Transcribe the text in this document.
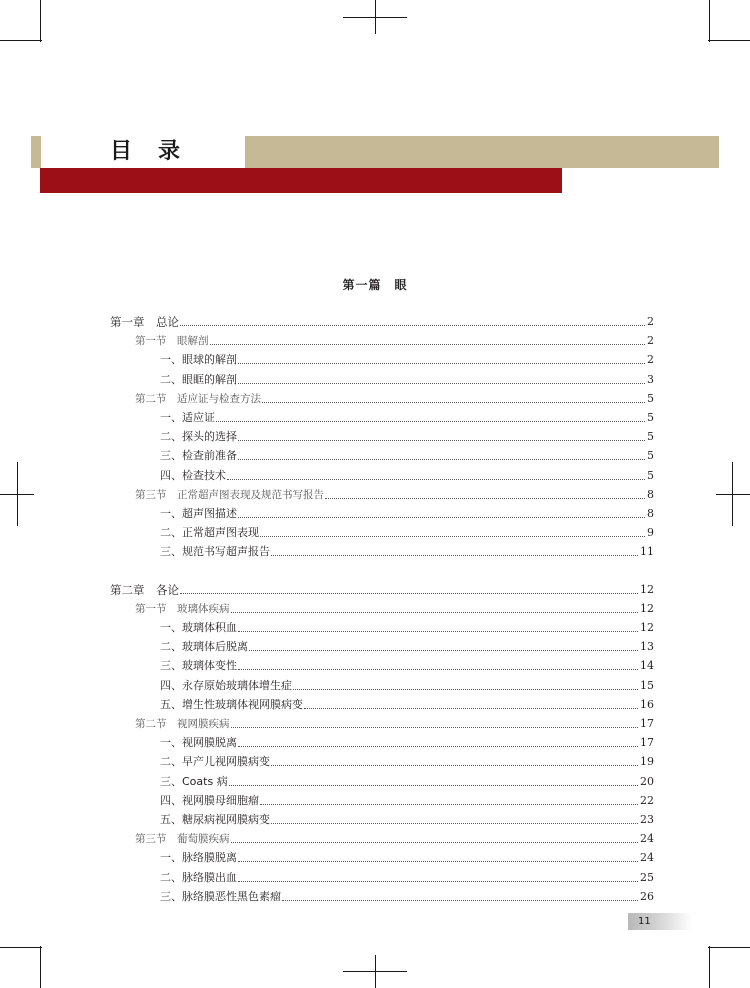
目录
第一篇　眼
第一章　总论	2
第一节　眼解剖	2
一、眼球的解剖	2
二、眼眶的解剖	3
第二节　适应证与检查方法	5
一、适应证	5
二、探头的选择	5
三、检查前准备	5
四、检查技术	5
第三节　正常超声图表现及规范书写报告	8
一、超声图描述	8
二、正常超声图表现	9
三、规范书写超声报告	11
第二章　各论	12
第一节　玻璃体疾病	12
一、玻璃体积血	12
二、玻璃体后脱离	13
三、玻璃体变性	14
四、永存原始玻璃体增生症	15
五、增生性玻璃体视网膜病变	16
第二节　视网膜疾病	17
一、视网膜脱离	17
二、早产儿视网膜病变	19
三、Coats 病	20
四、视网膜母细胞瘤	22
五、糖尿病视网膜病变	23
第三节　葡萄膜疾病	24
一、脉络膜脱离	24
二、脉络膜出血	25
三、脉络膜恶性黑色素瘤	26
11
